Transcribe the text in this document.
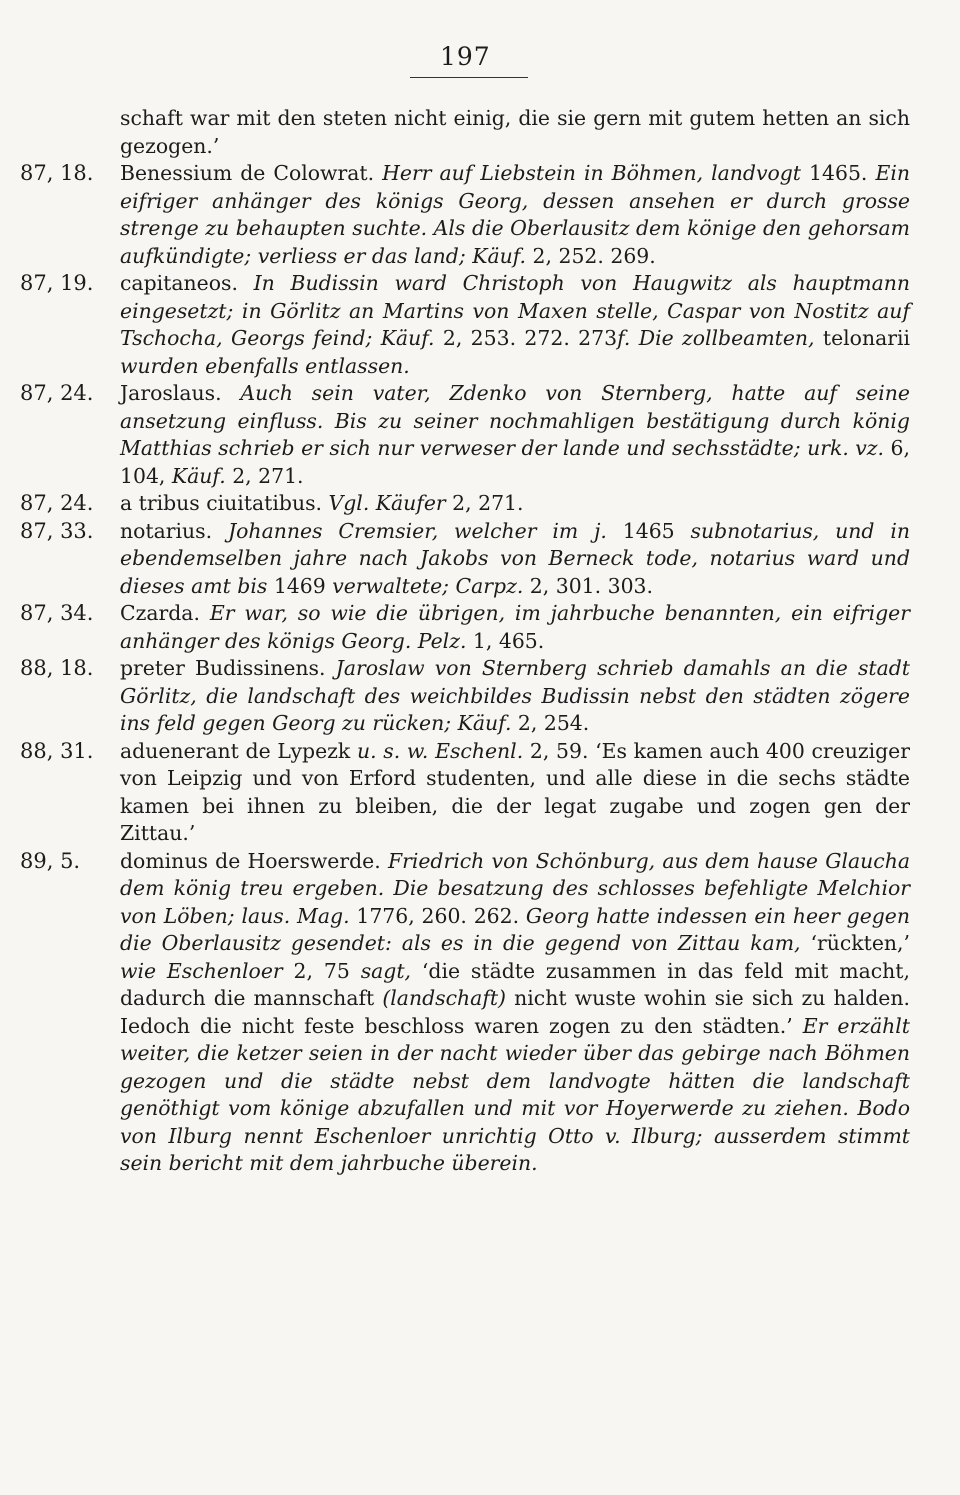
197
schaft war mit den steten nicht einig, die sie gern mit gutem hetten an sich gezogen.’
87, 18. Benessium de Colowrat. Herr auf Liebstein in Böhmen, landvogt 1465. Ein eifriger anhänger des königs Georg, dessen ansehen er durch grosse strenge zu behaupten suchte. Als die Oberlausitz dem könige den gehorsam aufkündigte; verliess er das land; Käuf. 2, 252. 269.
87, 19. capitaneos. In Budissin ward Christoph von Haugwitz als hauptmann eingesetzt; in Görlitz an Martins von Maxen stelle, Caspar von Nostitz auf Tschocha, Georgs feind; Käuf. 2, 253. 272. 273f. Die zollbeamten, telonarii wurden ebenfalls entlassen.
87, 24. Jaroslaus. Auch sein vater, Zdenko von Sternberg, hatte auf seine ansetzung einfluss. Bis zu seiner nochmahligen bestätigung durch könig Matthias schrieb er sich nur verweser der lande und sechsstädte; urk. vz. 6, 104, Käuf. 2, 271.
87, 24. a tribus ciuitatibus. Vgl. Käufer 2, 271.
87, 33. notarius. Johannes Cremsier, welcher im j. 1465 subnotarius, und in ebendemselben jahre nach Jakobs von Berneck tode, notarius ward und dieses amt bis 1469 verwaltete; Carpz. 2, 301. 303.
87, 34. Czarda. Er war, so wie die übrigen, im jahrbuche benannten, ein eifriger anhänger des königs Georg. Pelz. 1, 465.
88, 18. preter Budissinens. Jaroslaw von Sternberg schrieb damahls an die stadt Görlitz, die landschaft des weichbildes Budissin nebst den städten zögere ins feld gegen Georg zu rücken; Käuf. 2, 254.
88, 31. aduenerant de Lypezk u. s. w. Eschenl. 2, 59. ‘Es kamen auch 400 creuziger von Leipzig und von Erford studenten, und alle diese in die sechs städte kamen bei ihnen zu bleiben, die der legat zugabe und zogen gen der Zittau.’
89, 5. dominus de Hoerswerde. Friedrich von Schönburg, aus dem hause Glaucha dem könig treu ergeben. Die besatzung des schlosses befehligte Melchior von Löben; laus. Mag. 1776, 260. 262. Georg hatte indessen ein heer gegen die Oberlausitz gesendet: als es in die gegend von Zittau kam, ‘rückten,’ wie Eschenloer 2, 75 sagt, ‘die städte zusammen in das feld mit macht, dadurch die mannschaft (landschaft) nicht wuste wohin sie sich zu halden. Iedoch die nicht feste beschloss waren zogen zu den städten.’ Er erzählt weiter, die ketzer seien in der nacht wieder über das gebirge nach Böhmen gezogen und die städte nebst dem landvogte hätten die landschaft genöthigt vom könige abzufallen und mit vor Hoyerwerde zu ziehen. Bodo von Ilburg nennt Eschenloer unrichtig Otto v. Ilburg; ausserdem stimmt sein bericht mit dem jahrbuche überein.
